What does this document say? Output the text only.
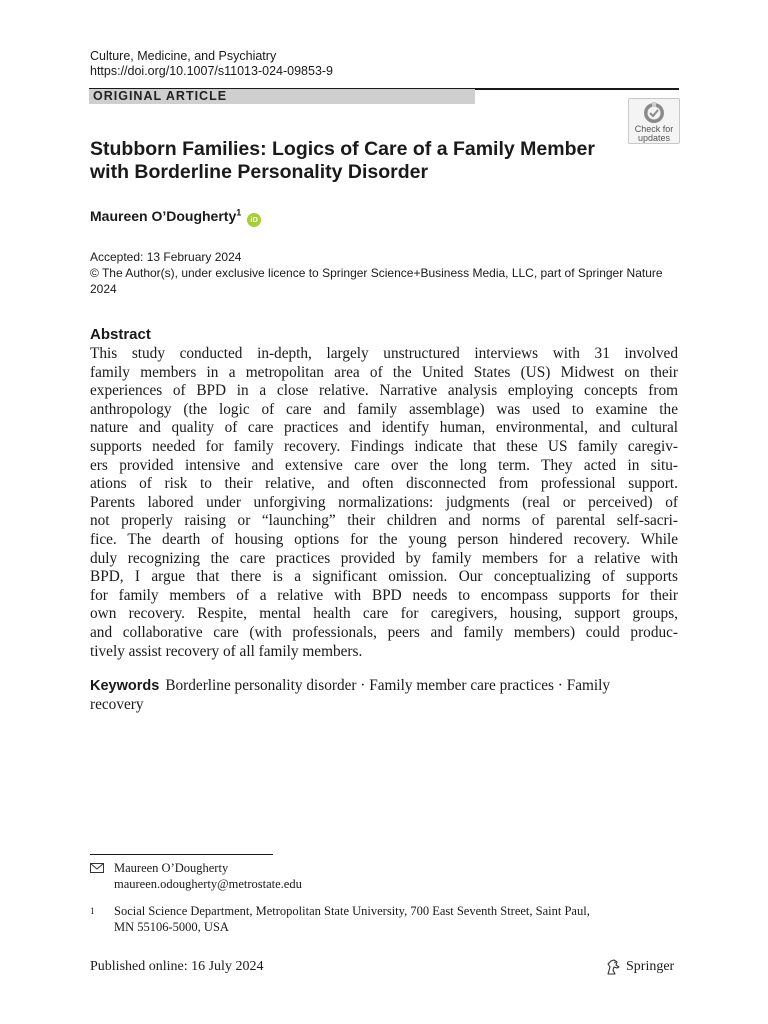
Culture, Medicine, and Psychiatry
https://doi.org/10.1007/s11013-024-09853-9
ORIGINAL ARTICLE
Check for
updates
Stubborn Families: Logics of Care of a Family Member
with Borderline Personality Disorder
Maureen O’Dougherty$^1$ iD
Accepted: 13 February 2024
© The Author(s), under exclusive licence to Springer Science+Business Media, LLC, part of Springer Nature
2024
Abstract
This study conducted in-depth, largely unstructured interviews with 31 involved
family members in a metropolitan area of the United States (US) Midwest on their
experiences of BPD in a close relative. Narrative analysis employing concepts from
anthropology (the logic of care and family assemblage) was used to examine the
nature and quality of care practices and identify human, environmental, and cultural
supports needed for family recovery. Findings indicate that these US family caregiv-
ers provided intensive and extensive care over the long term. They acted in situ-
ations of risk to their relative, and often disconnected from professional support.
Parents labored under unforgiving normalizations: judgments (real or perceived) of
not properly raising or “launching” their children and norms of parental self-sacri-
fice. The dearth of housing options for the young person hindered recovery. While
duly recognizing the care practices provided by family members for a relative with
BPD, I argue that there is a significant omission. Our conceptualizing of supports
for family members of a relative with BPD needs to encompass supports for their
own recovery. Respite, mental health care for caregivers, housing, support groups,
and collaborative care (with professionals, peers and family members) could produc-
tively assist recovery of all family members.
Keywords Borderline personality disorder · Family member care practices · Family
recovery
Maureen O’Dougherty
maureen.odougherty@metrostate.edu
1 Social Science Department, Metropolitan State University, 700 East Seventh Street, Saint Paul,
MN 55106-5000, USA
Published online: 16 July 2024	Springer
